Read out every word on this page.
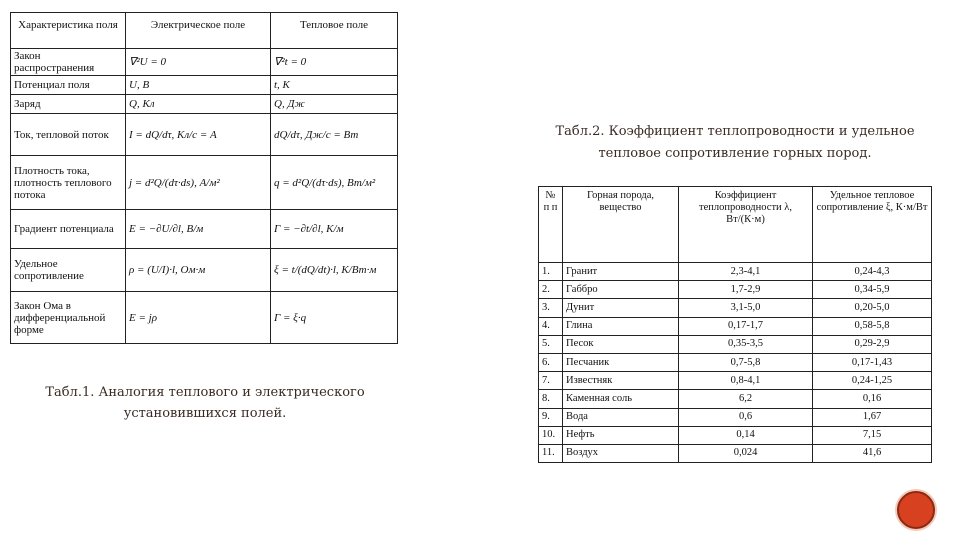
Характеристика поля	Электрическое поле	Тепловое поле
Закон распространения	∇²U = 0	∇²t = 0
Потенциал поля	U, В	t, К
Заряд	Q, Кл	Q, Дж
Ток, тепловой поток	I = dQ/dτ, Кл/с = А	dQ/dτ, Дж/с = Вт
Плотность тока, плотность теплового потока	j = d²Q/(dτ·ds), А/м²	q = d²Q/(dτ·ds), Вт/м²
Градиент потенциала	E = −∂U/∂l, В/м	Γ = −∂t/∂l, К/м
Удельное сопротивление	ρ = (U/I)·l, Ом·м	ξ = t/(dQ/dt)·l, К/Вт·м
Закон Ома в дифференциальной форме	E = jρ	Γ = ξ·q
Табл.1. Аналогия теплового и электрического установившихся полей.
Табл.2. Коэффициент теплопроводности и удельное тепловое сопротивление горных пород.
№ п п	Горная порода, вещество	Коэффициент теплопроводности λ, Вт/(К·м)	Удельное тепловое сопротивление ξ, К·м/Вт
1.	Гранит	2,3-4,1	0,24-4,3
2.	Габбро	1,7-2,9	0,34-5,9
3.	Дунит	3,1-5,0	0,20-5,0
4.	Глина	0,17-1,7	0,58-5,8
5.	Песок	0,35-3,5	0,29-2,9
6.	Песчаник	0,7-5,8	0,17-1,43
7.	Известняк	0,8-4,1	0,24-1,25
8.	Каменная соль	6,2	0,16
9.	Вода	0,6	1,67
10.	Нефть	0,14	7,15
11.	Воздух	0,024	41,6
